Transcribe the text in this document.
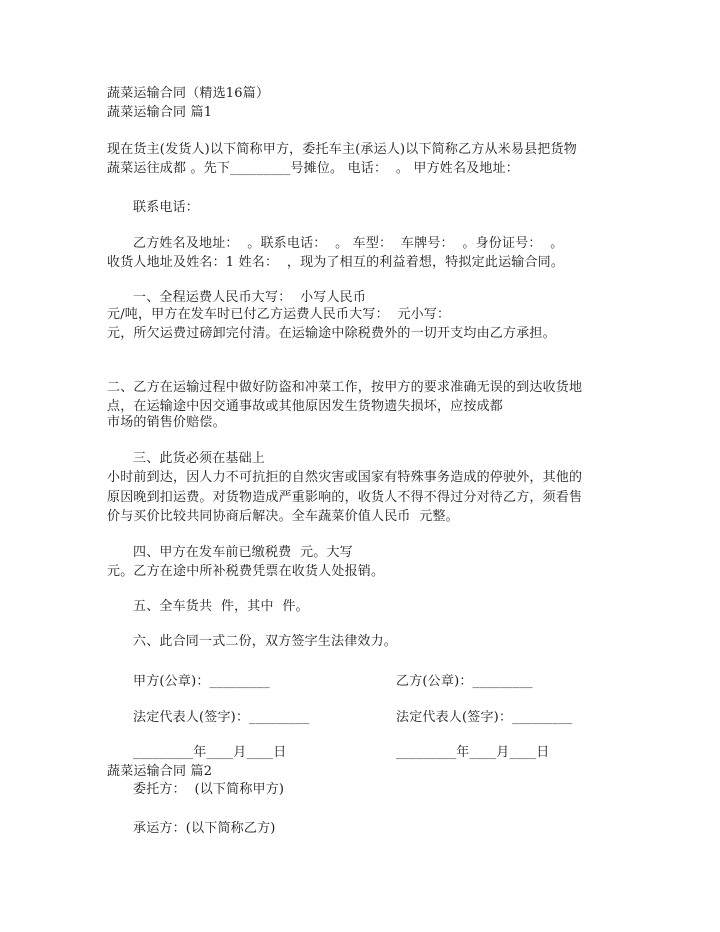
蔬菜运输合同（精选16篇）
蔬菜运输合同 篇1
现在货主(发货人)以下简称甲方，委托车主(承运人)以下简称乙方从米易县把货物
蔬菜运往成都 。先下_________号摊位。 电话：  。 甲方姓名及地址：
联系电话：
乙方姓名及地址：  。联系电话：  。 车型：  车牌号：  。身份证号：  。
收货人地址及姓名：1 姓名：  ，现为了相互的利益着想，特拟定此运输合同。
一、全程运费人民币大写：  小写人民币
元/吨，甲方在发车时已付乙方运费人民币大写：  元小写：
元，所欠运费过磅卸完付清。在运输途中除税费外的一切开支均由乙方承担。
二、乙方在运输过程中做好防盗和冲菜工作，按甲方的要求准确无误的到达收货地
点，在运输途中因交通事故或其他原因发生货物遗失损坏，应按成都
市场的销售价赔偿。
三、此货必须在基础上
小时前到达，因人力不可抗拒的自然灾害或国家有特殊事务造成的停驶外，其他的
原因晚到扣运费。对货物造成严重影响的，收货人不得不得过分对待乙方，须看售
价与买价比较共同协商后解决。全车蔬菜价值人民币  元整。
四、甲方在发车前已缴税费  元。大写
元。乙方在途中所补税费凭票在收货人处报销。
五、全车货共  件，其中  件。
六、此合同一式二份，双方签字生法律效力。
甲方(公章)：_________	乙方(公章)：_________
法定代表人(签字)：_________	法定代表人(签字)：_________
_________年____月____日	_________年____月____日
蔬菜运输合同 篇2
委托方：  (以下简称甲方)
承运方：(以下简称乙方)
